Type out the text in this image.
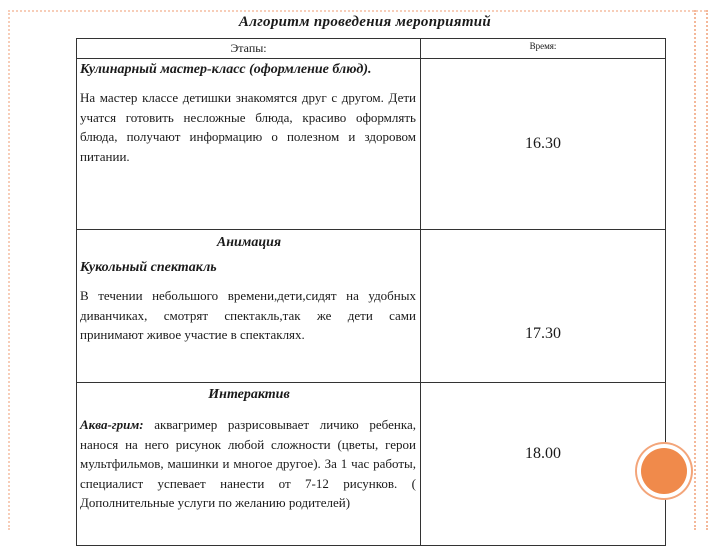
Алгоритм проведения мероприятий
Этапы:	Время:

Кулинарный мастер-класс (оформление блюд).
На мастер классе детишки знакомятся друг с другом. Дети учатся готовить несложные блюда, красиво оформлять блюда, получают информацию о полезном и здоровом питании.	16.30

Анимация
Кукольный спектакль
В течении небольшого времени,дети,сидят на удобных диванчиках, смотрят спектакль,так же дети сами принимают живое участие в спектаклях.	17.30

Интерактив
Аква-грим: аквагример разрисовывает личико ребенка, нанося на него рисунок любой сложности (цветы, герои мультфильмов, машинки и многое другое). За 1 час работы, специалист успевает нанести от 7-12 рисунков. ( Дополнительные услуги по желанию родителей)	18.00
